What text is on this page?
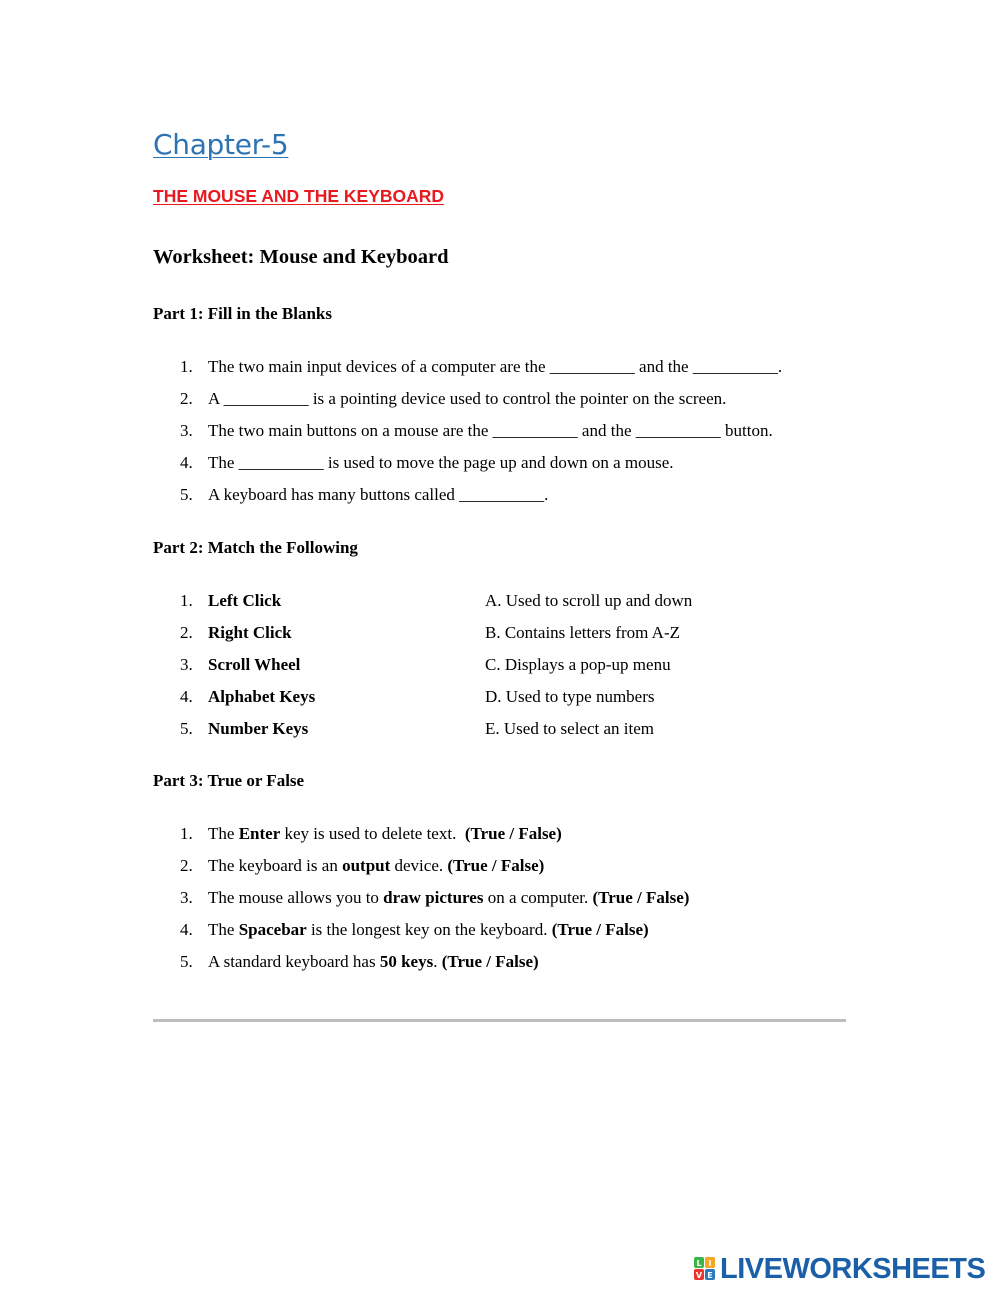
Chapter-5
THE MOUSE AND THE KEYBOARD
Worksheet: Mouse and Keyboard
Part 1: Fill in the Blanks
1. The two main input devices of a computer are the __________ and the __________.
2. A __________ is a pointing device used to control the pointer on the screen.
3. The two main buttons on a mouse are the __________ and the __________ button.
4. The __________ is used to move the page up and down on a mouse.
5. A keyboard has many buttons called __________.
Part 2: Match the Following
1. Left Click	A. Used to scroll up and down
2. Right Click	B. Contains letters from A-Z
3. Scroll Wheel	C. Displays a pop-up menu
4. Alphabet Keys	D. Used to type numbers
5. Number Keys	E. Used to select an item
Part 3: True or False
1. The Enter key is used to delete text.  (True / False)
2. The keyboard is an output device. (True / False)
3. The mouse allows you to draw pictures on a computer. (True / False)
4. The Spacebar is the longest key on the keyboard. (True / False)
5. A standard keyboard has 50 keys. (True / False)
L I
V E LIVEWORKSHEETS
